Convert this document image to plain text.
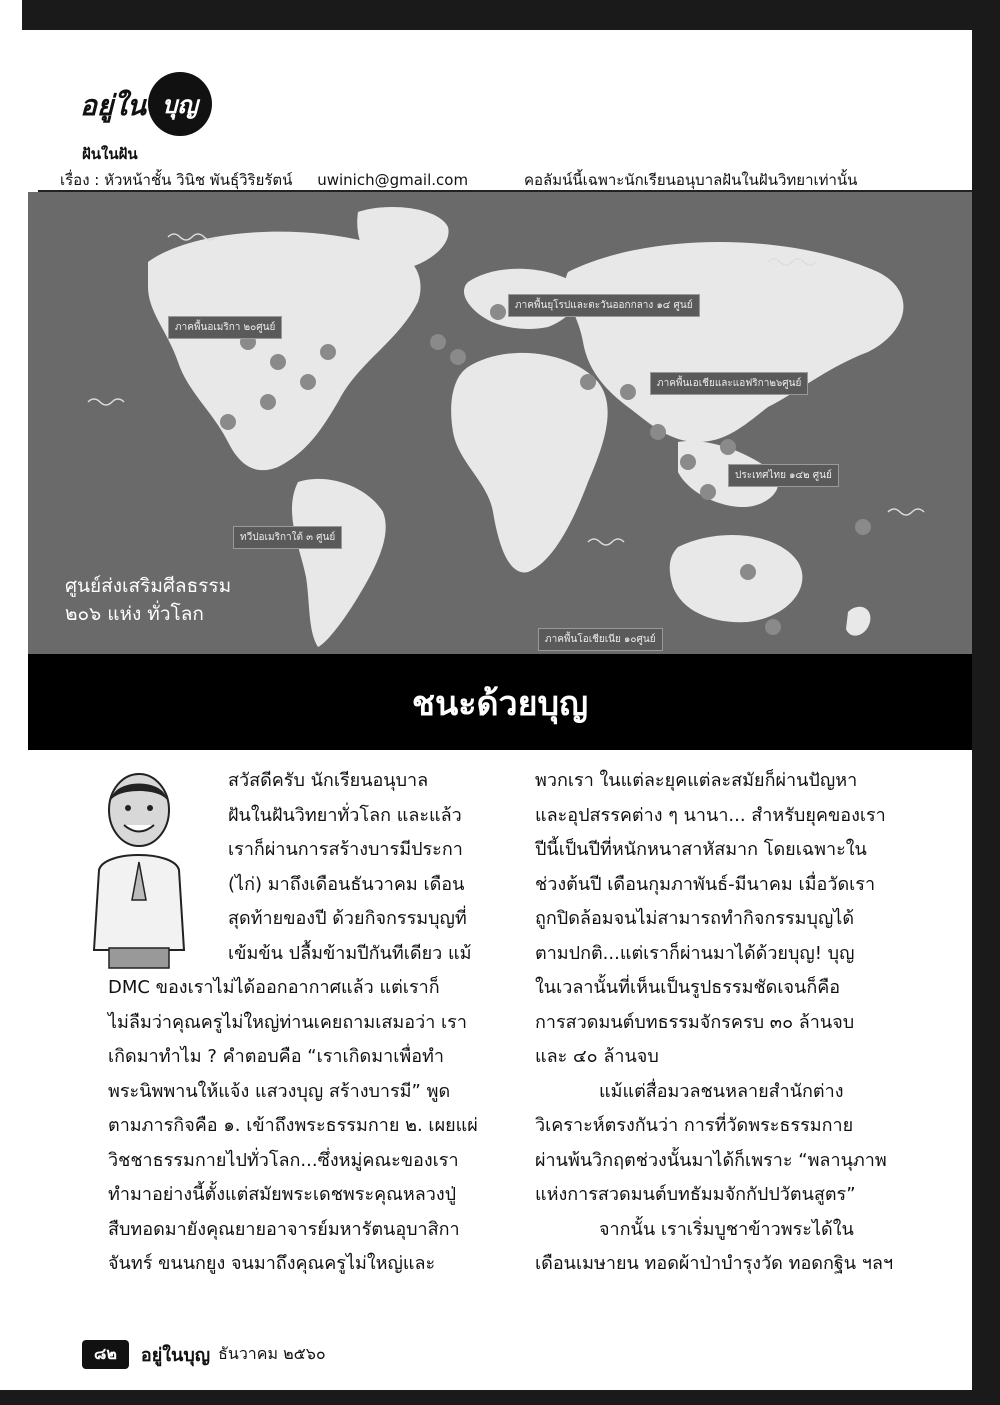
อยู่ใน บุญ
ฝันในฝัน
เรื่อง : หัวหน้าชั้น วินิช พันธุ์วิริยรัตน์ uwinich@gmail.com	คอลัมน์นี้เฉพาะนักเรียนอนุบาลฝันในฝันวิทยาเท่านั้น
ภาคพื้นอเมริกา ๒๐ศูนย์
ภาคพื้นยุโรปและตะวันออกกลาง ๑๔ ศูนย์
ภาคพื้นเอเชียและแอฟริกา๒๖ศูนย์
ประเทศไทย ๑๔๒ ศูนย์
ทวีปอเมริกาใต้ ๓ ศูนย์
ภาคพื้นโอเชียเนีย ๑๐ศูนย์
ศูนย์ส่งเสริมศีลธรรม
๒๐๖ แห่ง ทั่วโลก
ชนะด้วยบุญ
สวัสดีครับ นักเรียนอนุบาล
ฝันในฝันวิทยาทั่วโลก และแล้ว
เราก็ผ่านการสร้างบารมีประกา
(ไก่) มาถึงเดือนธันวาคม เดือน
สุดท้ายของปี ด้วยกิจกรรมบุญที่
เข้มข้น ปลื้มข้ามปีกันทีเดียว แม้
DMC ของเราไม่ได้ออกอากาศแล้ว แต่เราก็
ไม่ลืมว่าคุณครูไม่ใหญ่ท่านเคยถามเสมอว่า เรา
เกิดมาทำไม ? คำตอบคือ “เราเกิดมาเพื่อทำ
พระนิพพานให้แจ้ง แสวงบุญ สร้างบารมี” พูด
ตามภารกิจคือ ๑. เข้าถึงพระธรรมกาย ๒. เผยแผ่
วิชชาธรรมกายไปทั่วโลก...ซึ่งหมู่คณะของเรา
ทำมาอย่างนี้ตั้งแต่สมัยพระเดชพระคุณหลวงปู่
สืบทอดมายังคุณยายอาจารย์มหารัตนอุบาสิกา
จันทร์ ขนนกยูง จนมาถึงคุณครูไม่ใหญ่และ
พวกเรา ในแต่ละยุคแต่ละสมัยก็ผ่านปัญหา
และอุปสรรคต่าง ๆ นานา... สำหรับยุคของเรา
ปีนี้เป็นปีที่หนักหนาสาหัสมาก โดยเฉพาะใน
ช่วงต้นปี เดือนกุมภาพันธ์-มีนาคม เมื่อวัดเรา
ถูกปิดล้อมจนไม่สามารถทำกิจกรรมบุญได้
ตามปกติ...แต่เราก็ผ่านมาได้ด้วยบุญ! บุญ
ในเวลานั้นที่เห็นเป็นรูปธรรมชัดเจนก็คือ
การสวดมนต์บทธรรมจักรครบ ๓๐ ล้านจบ
และ ๔๐ ล้านจบ
แม้แต่สื่อมวลชนหลายสำนักต่าง
วิเคราะห์ตรงกันว่า การที่วัดพระธรรมกาย
ผ่านพ้นวิกฤตช่วงนั้นมาได้ก็เพราะ “พลานุภาพ
แห่งการสวดมนต์บทธัมมจักกัปปวัตนสูตร”
จากนั้น เราเริ่มบูชาข้าวพระได้ใน
เดือนเมษายน ทอดผ้าป่าบำรุงวัด ทอดกฐิน ฯลฯ
๘๒	อยู่ในบุญ ธันวาคม ๒๕๖๐
